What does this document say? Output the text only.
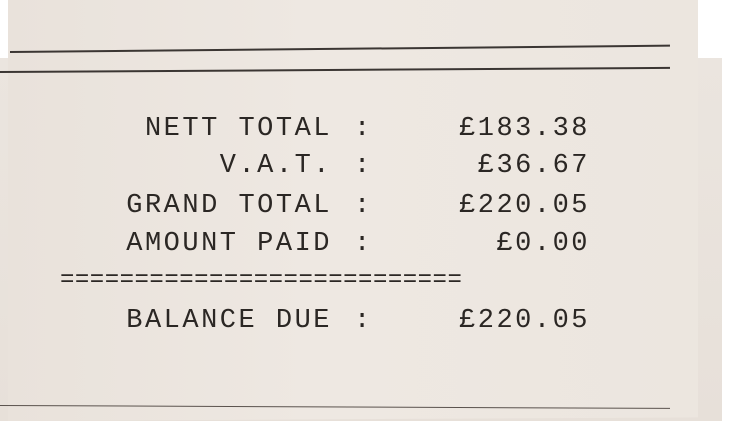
NETT TOTAL :	£183.38
V.A.T. :	£36.67
GRAND TOTAL :	£220.05
AMOUNT PAID :	£0.00
===========================
BALANCE DUE :	£220.05
